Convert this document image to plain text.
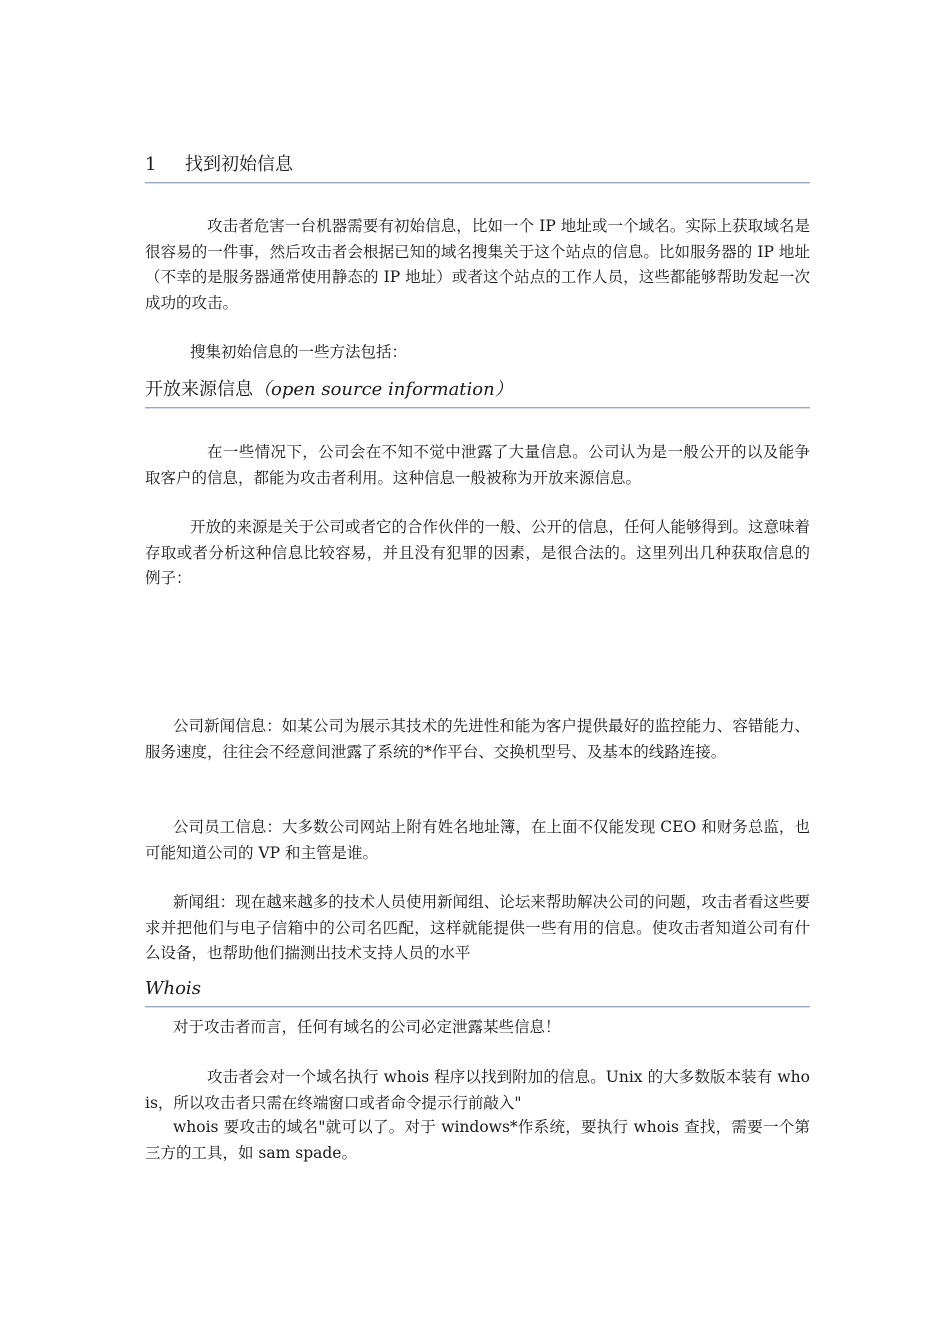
1 找到初始信息

攻击者危害一台机器需要有初始信息，比如一个 IP 地址或一个域名。实际上获取域名是很容易的一件事，然后攻击者会根据已知的域名搜集关于这个站点的信息。比如服务器的 IP 地址（不幸的是服务器通常使用静态的 IP 地址）或者这个站点的工作人员，这些都能够帮助发起一次成功的攻击。

搜集初始信息的一些方法包括：

开放来源信息（open source information）

在一些情况下，公司会在不知不觉中泄露了大量信息。公司认为是一般公开的以及能争取客户的信息，都能为攻击者利用。这种信息一般被称为开放来源信息。

开放的来源是关于公司或者它的合作伙伴的一般、公开的信息，任何人能够得到。这意味着存取或者分析这种信息比较容易，并且没有犯罪的因素，是很合法的。这里列出几种获取信息的例子：

公司新闻信息：如某公司为展示其技术的先进性和能为客户提供最好的监控能力、容错能力、服务速度，往往会不经意间泄露了系统的*作平台、交换机型号、及基本的线路连接。

公司员工信息：大多数公司网站上附有姓名地址簿，在上面不仅能发现 CEO 和财务总监，也可能知道公司的 VP 和主管是谁。

新闻组：现在越来越多的技术人员使用新闻组、论坛来帮助解决公司的问题，攻击者看这些要求并把他们与电子信箱中的公司名匹配，这样就能提供一些有用的信息。使攻击者知道公司有什么设备，也帮助他们揣测出技术支持人员的水平

Whois

对于攻击者而言，任何有域名的公司必定泄露某些信息！

攻击者会对一个域名执行 whois 程序以找到附加的信息。Unix 的大多数版本装有 whois，所以攻击者只需在终端窗口或者命令提示行前敲入"

whois 要攻击的域名"就可以了。对于 windows*作系统，要执行 whois 查找，需要一个第三方的工具，如 sam spade。
